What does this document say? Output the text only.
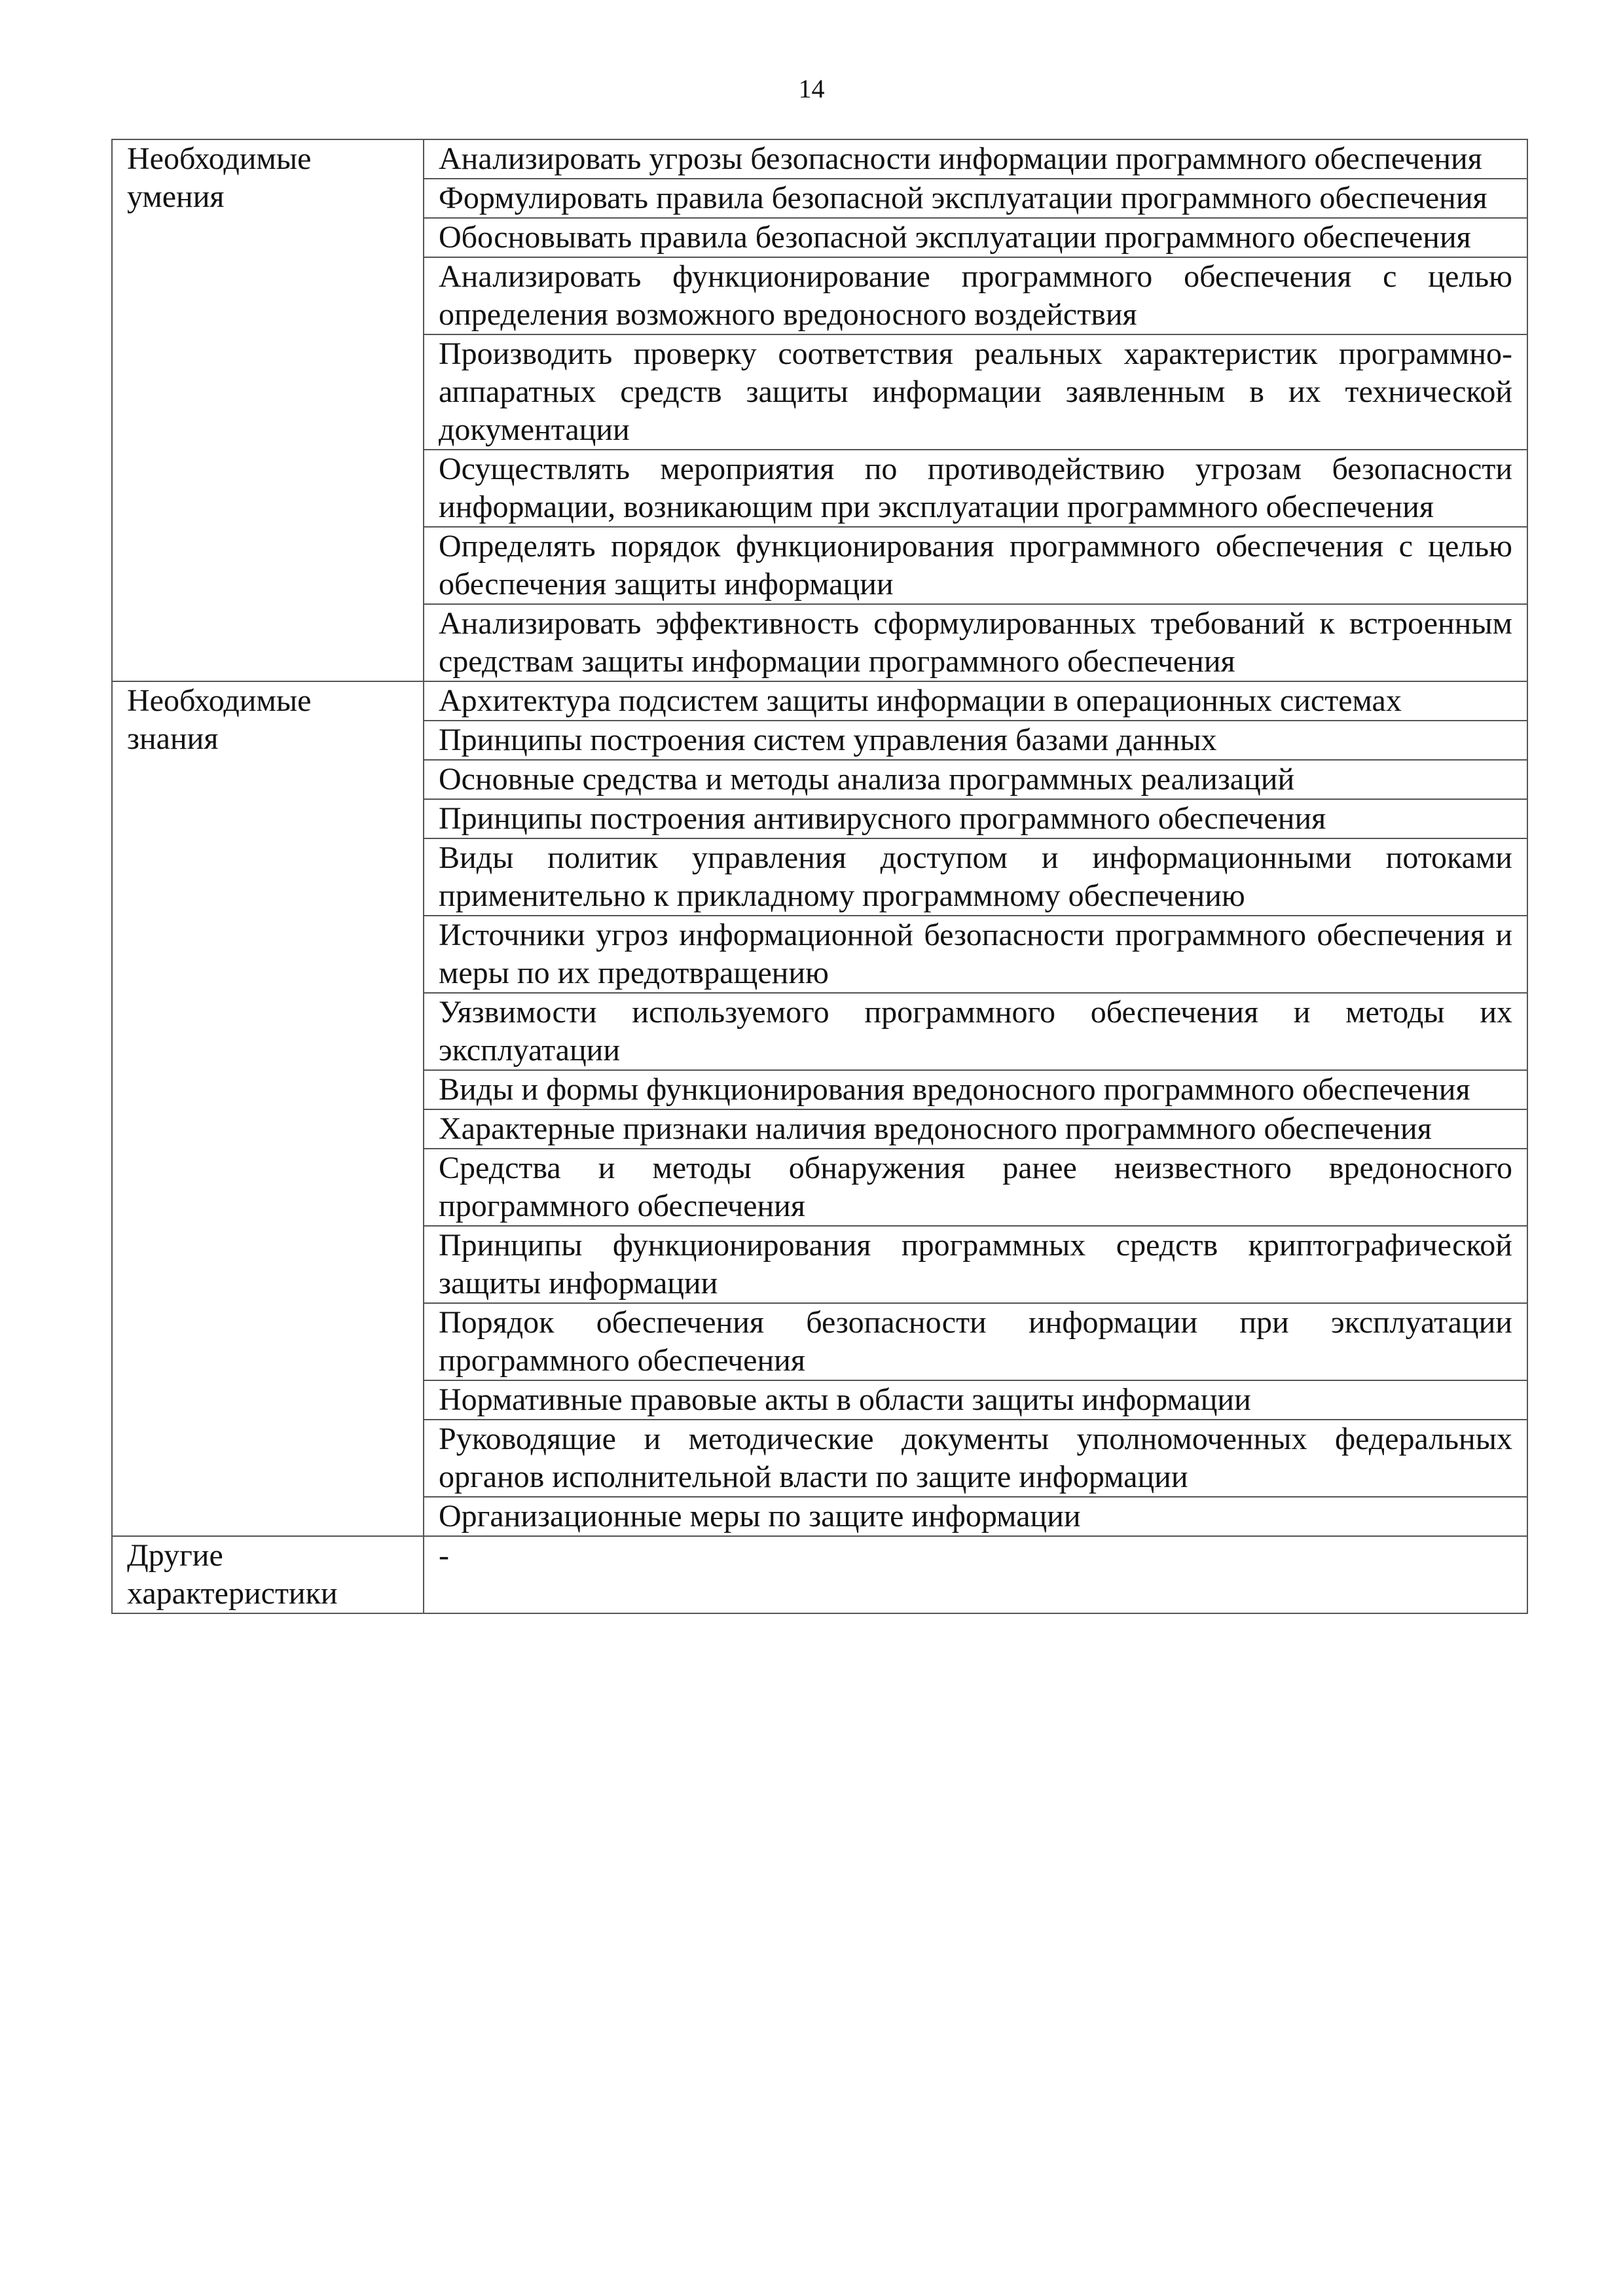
14
Необходимые умения	Анализировать угрозы безопасности информации программного обеспечения
	Формулировать правила безопасной эксплуатации программного обеспечения
	Обосновывать правила безопасной эксплуатации программного обеспечения
	Анализировать функционирование программного обеспечения с целью определения возможного вредоносного воздействия
	Производить проверку соответствия реальных характеристик программно-аппаратных средств защиты информации заявленным в их технической документации
	Осуществлять мероприятия по противодействию угрозам безопасности информации, возникающим при эксплуатации программного обеспечения
	Определять порядок функционирования программного обеспечения с целью обеспечения защиты информации
	Анализировать эффективность сформулированных требований к встроенным средствам защиты информации программного обеспечения
Необходимые знания	Архитектура подсистем защиты информации в операционных системах
	Принципы построения систем управления базами данных
	Основные средства и методы анализа программных реализаций
	Принципы построения антивирусного программного обеспечения
	Виды политик управления доступом и информационными потоками применительно к прикладному программному обеспечению
	Источники угроз информационной безопасности программного обеспечения и меры по их предотвращению
	Уязвимости используемого программного обеспечения и методы их эксплуатации
	Виды и формы функционирования вредоносного программного обеспечения
	Характерные признаки наличия вредоносного программного обеспечения
	Средства и методы обнаружения ранее неизвестного вредоносного программного обеспечения
	Принципы функционирования программных средств криптографической защиты информации
	Порядок обеспечения безопасности информации при эксплуатации программного обеспечения
	Нормативные правовые акты в области защиты информации
	Руководящие и методические документы уполномоченных федеральных органов исполнительной власти по защите информации
	Организационные меры по защите информации
Другие характеристики	-
